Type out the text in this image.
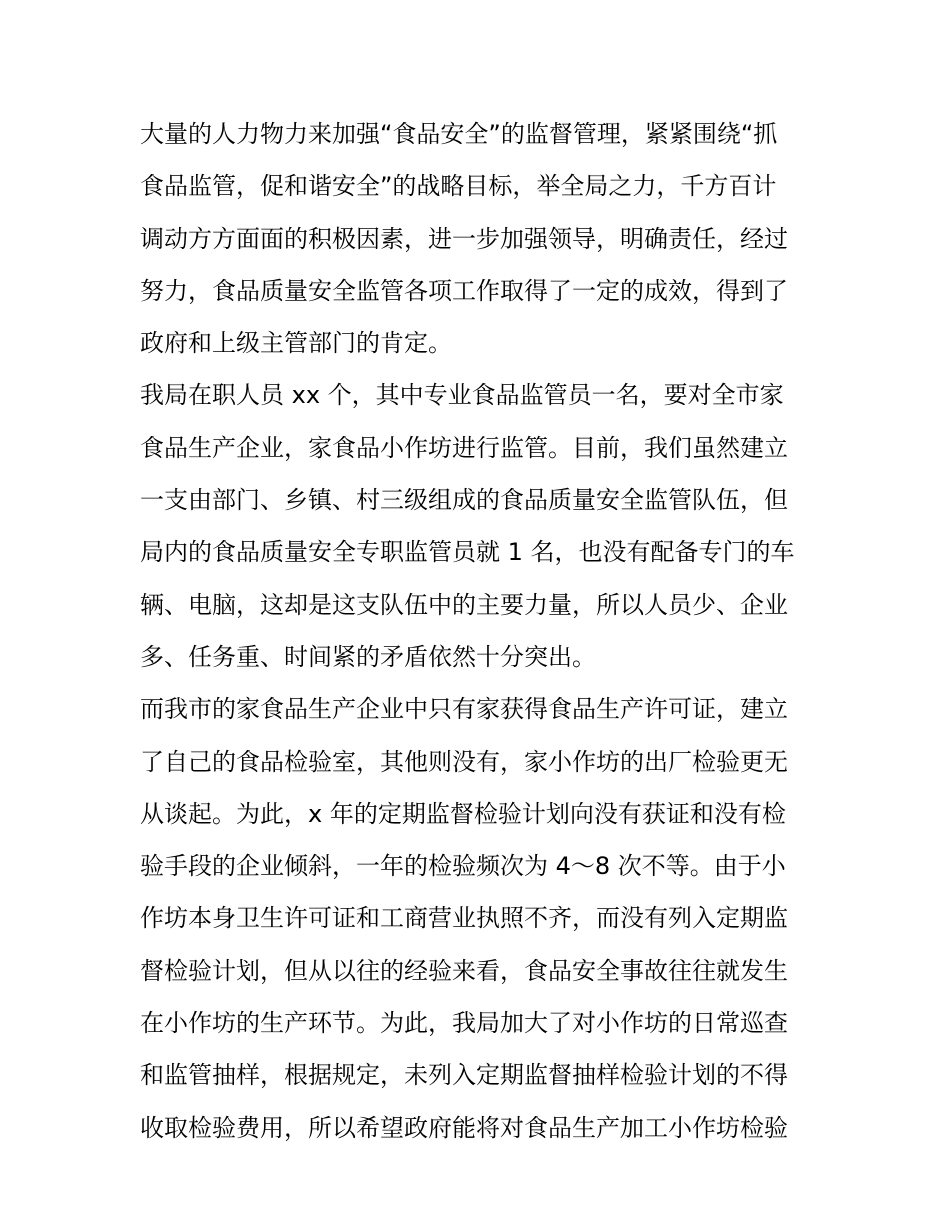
大量的人力物力来加强“食品安全”的监督管理，紧紧围绕“抓
食品监管，促和谐安全”的战略目标，举全局之力，千方百计
调动方方面面的积极因素，进一步加强领导，明确责任，经过
努力，食品质量安全监管各项工作取得了一定的成效，得到了
政府和上级主管部门的肯定。
我局在职人员 xx 个，其中专业食品监管员一名，要对全市家
食品生产企业，家食品小作坊进行监管。目前，我们虽然建立
一支由部门、乡镇、村三级组成的食品质量安全监管队伍，但
局内的食品质量安全专职监管员就 1 名，也没有配备专门的车
辆、电脑，这却是这支队伍中的主要力量，所以人员少、企业
多、任务重、时间紧的矛盾依然十分突出。
而我市的家食品生产企业中只有家获得食品生产许可证，建立
了自己的食品检验室，其他则没有，家小作坊的出厂检验更无
从谈起。为此，x 年的定期监督检验计划向没有获证和没有检
验手段的企业倾斜，一年的检验频次为 4～8 次不等。由于小
作坊本身卫生许可证和工商营业执照不齐，而没有列入定期监
督检验计划，但从以往的经验来看，食品安全事故往往就发生
在小作坊的生产环节。为此，我局加大了对小作坊的日常巡查
和监管抽样，根据规定，未列入定期监督抽样检验计划的不得
收取检验费用，所以希望政府能将对食品生产加工小作坊检验
